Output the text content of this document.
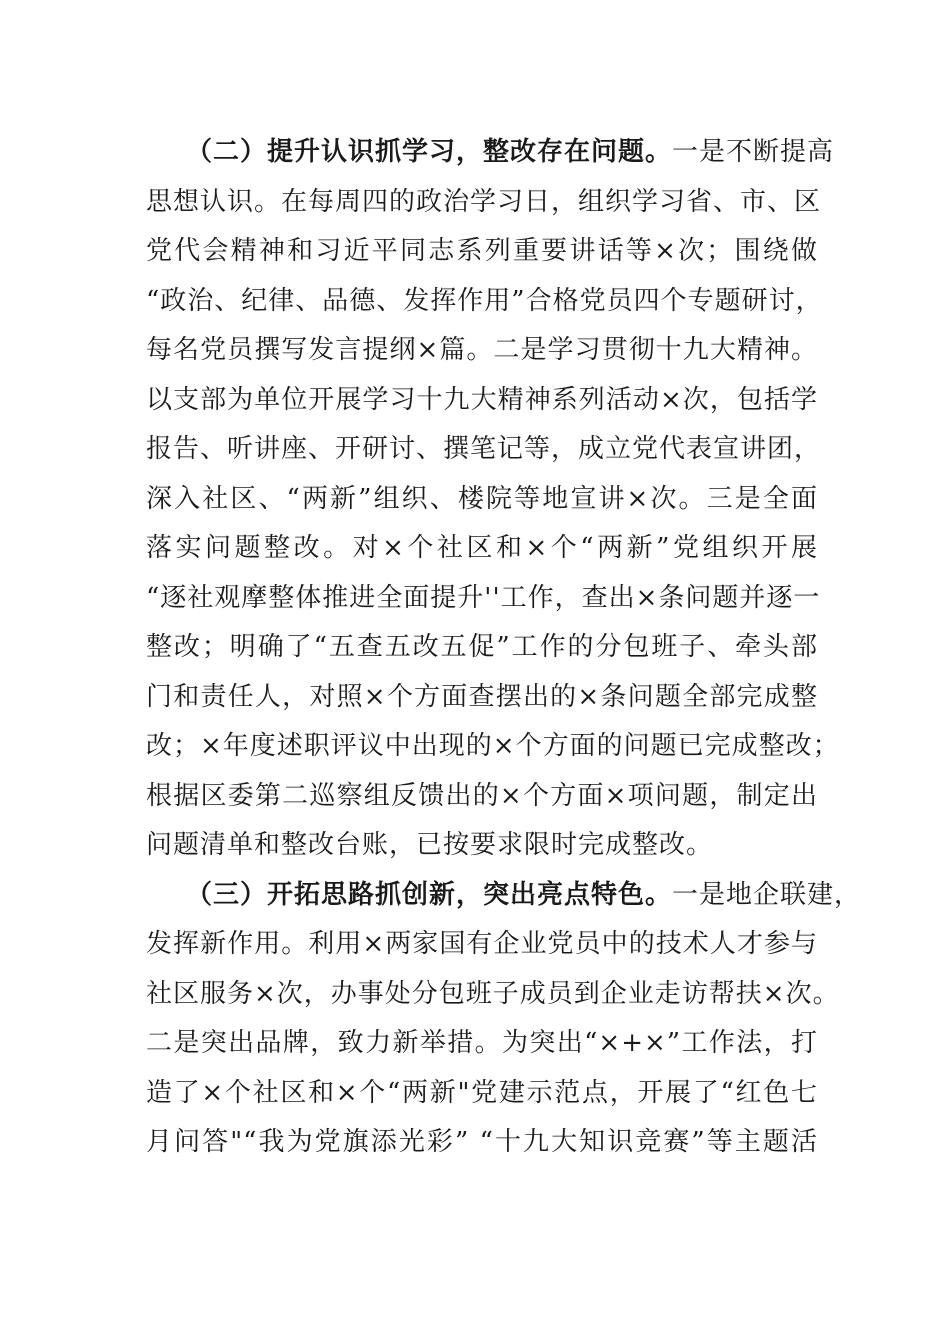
（二）提升认识抓学习，整改存在问题。一是不断提高
思想认识。在每周四的政治学习日，组织学习省、市、区
党代会精神和习近平同志系列重要讲话等×次；围绕做
“政治、纪律、品德、发挥作用”合格党员四个专题研讨，
每名党员撰写发言提纲×篇。二是学习贯彻十九大精神。
以支部为单位开展学习十九大精神系列活动×次，包括学
报告、听讲座、开研讨、撰笔记等，成立党代表宣讲团，
深入社区、“两新”组织、楼院等地宣讲×次。三是全面
落实问题整改。对×个社区和×个“两新”党组织开展
“逐社观摩整体推进全面提升''工作，查出×条问题并逐一
整改；明确了“五查五改五促”工作的分包班子、牵头部
门和责任人，对照×个方面查摆出的×条问题全部完成整
改；×年度述职评议中出现的×个方面的问题已完成整改；
根据区委第二巡察组反馈出的×个方面×项问题，制定出
问题清单和整改台账，已按要求限时完成整改。
（三）开拓思路抓创新，突出亮点特色。一是地企联建，
发挥新作用。利用×两家国有企业党员中的技术人才参与
社区服务×次，办事处分包班子成员到企业走访帮扶×次。
二是突出品牌，致力新举措。为突出“×+×”工作法，打
造了×个社区和×个“两新"党建示范点，开展了“红色七
月问答"“我为党旗添光彩” “十九大知识竞赛”等主题活
